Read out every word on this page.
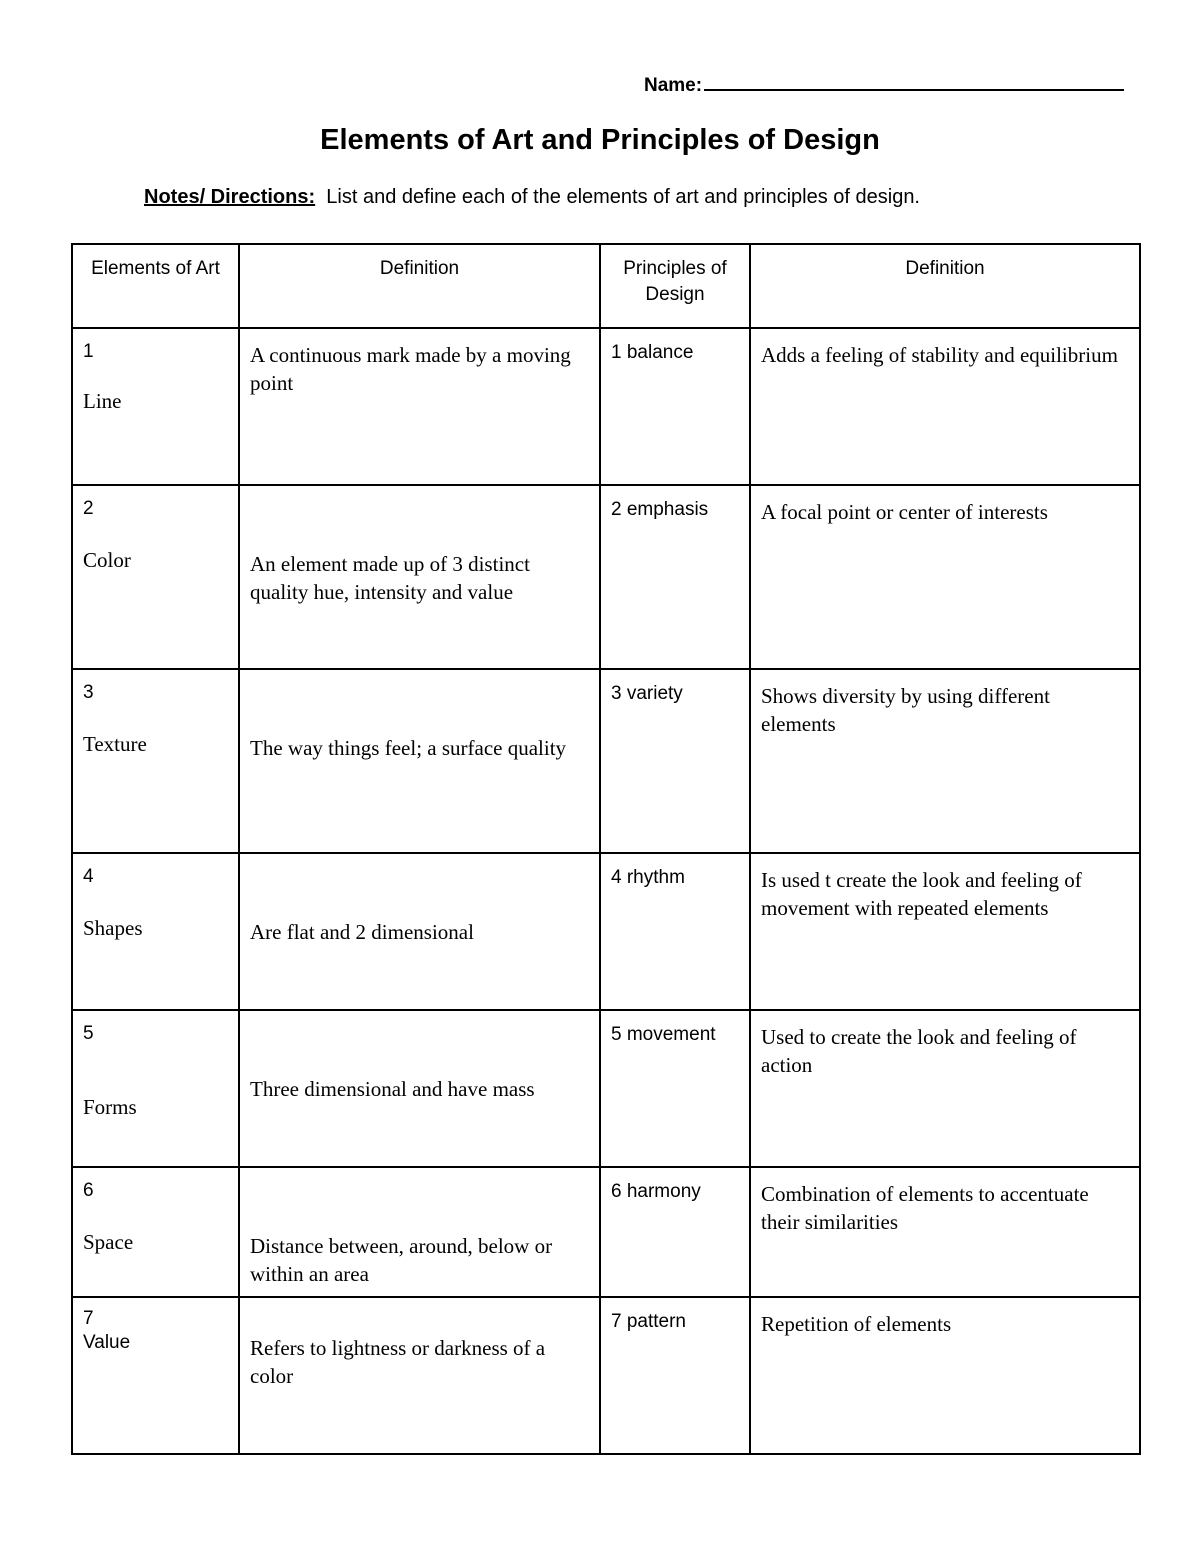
Name:
Elements of Art and Principles of Design
Notes/ Directions: List and define each of the elements of art and principles of design.
Elements of Art	Definition	Principles of Design	Definition

1
Line	A continuous mark made by a moving point	1 balance	Adds a feeling of stability and equilibrium

2
Color	An element made up of 3 distinct quality hue, intensity and value	2 emphasis	A focal point or center of interests

3
Texture	The way things feel; a surface quality	3 variety	Shows diversity by using different elements

4
Shapes	Are flat and 2 dimensional	4 rhythm	Is used t create the look and feeling of movement with repeated elements

5
Forms	Three dimensional and have mass	5 movement	Used to create the look and feeling of action

6
Space	Distance between, around, below or within an area	6 harmony	Combination of elements to accentuate their similarities

7
Value	Refers to lightness or darkness of a color	7 pattern	Repetition of elements
